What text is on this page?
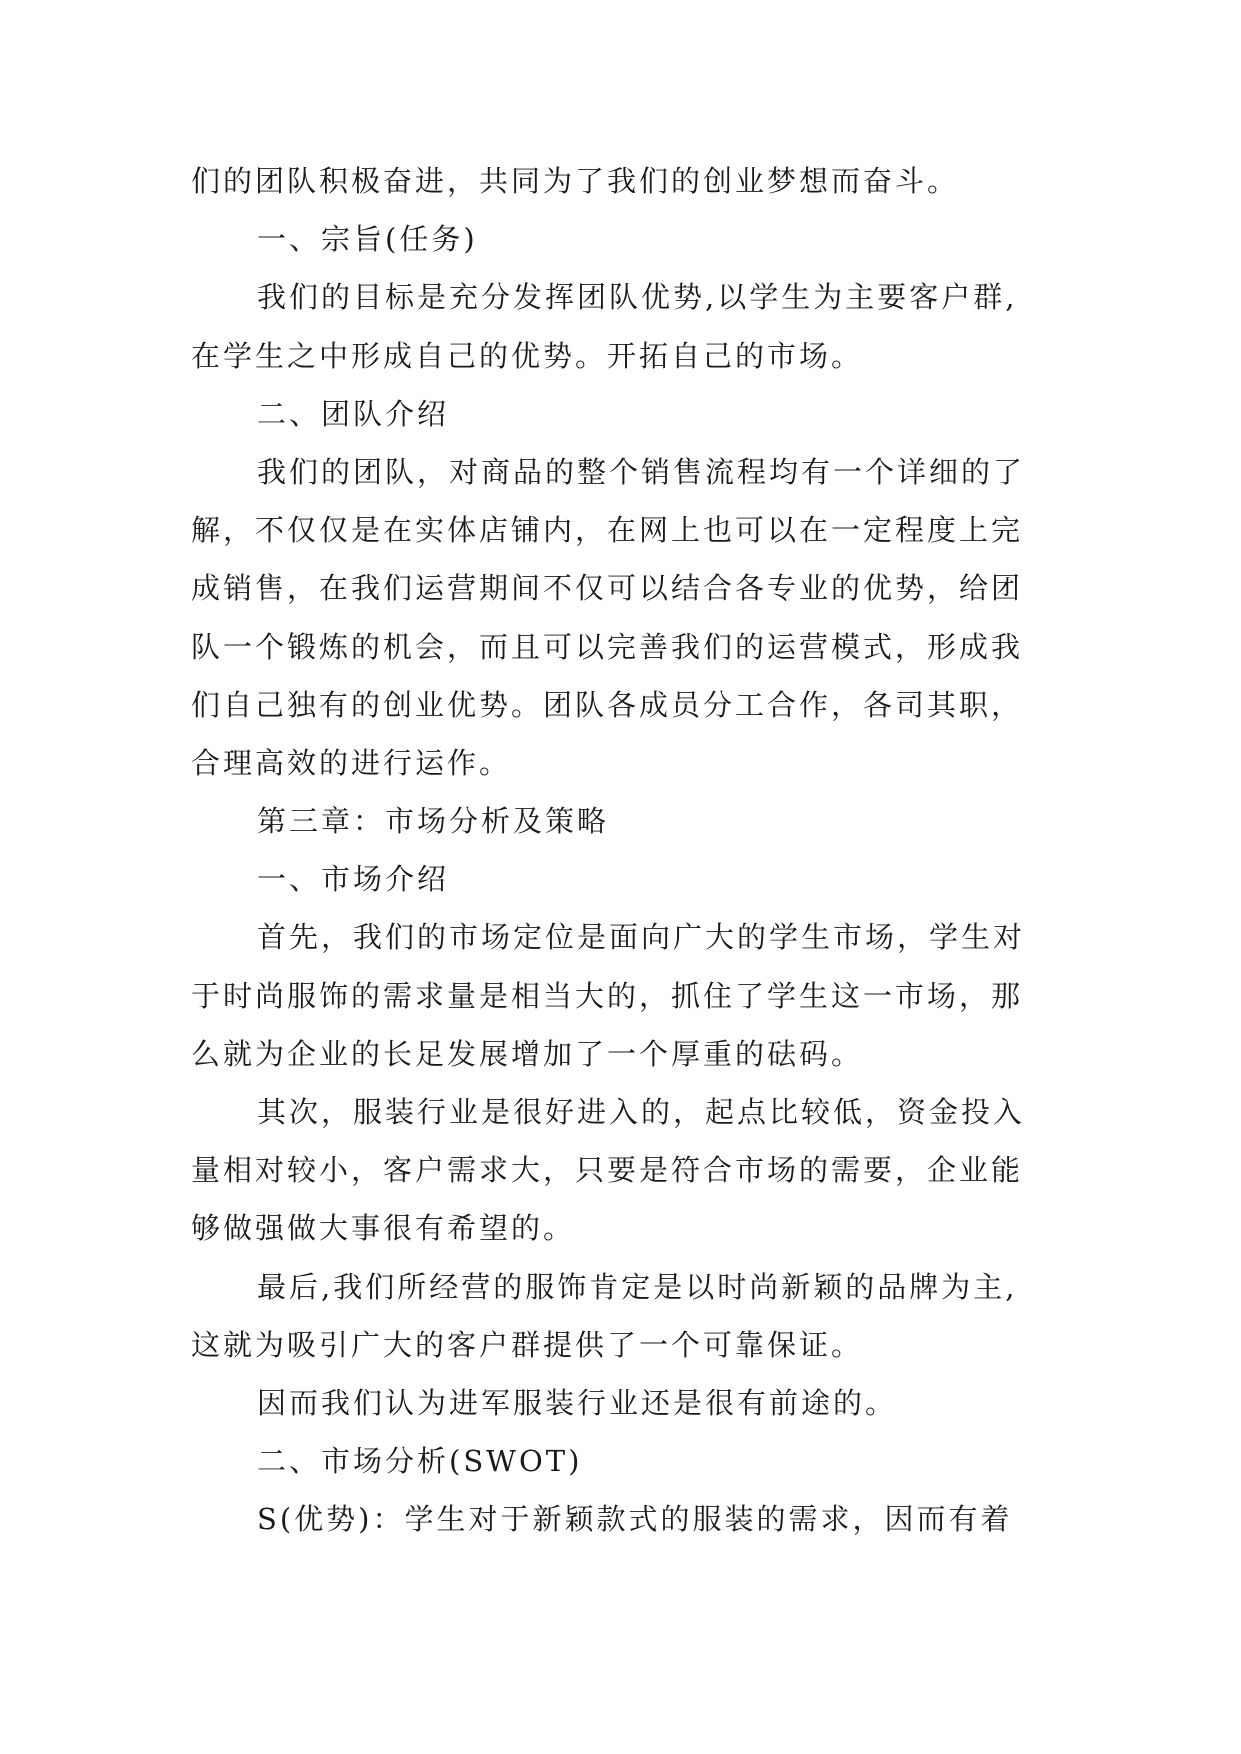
们的团队积极奋进，共同为了我们的创业梦想而奋斗。
一、宗旨(任务)
我们的目标是充分发挥团队优势,以学生为主要客户群,
在学生之中形成自己的优势。开拓自己的市场。
二、团队介绍
我们的团队，对商品的整个销售流程均有一个详细的了
解，不仅仅是在实体店铺内，在网上也可以在一定程度上完
成销售，在我们运营期间不仅可以结合各专业的优势，给团
队一个锻炼的机会，而且可以完善我们的运营模式，形成我
们自己独有的创业优势。团队各成员分工合作，各司其职，
合理高效的进行运作。
第三章：市场分析及策略
一、市场介绍
首先，我们的市场定位是面向广大的学生市场，学生对
于时尚服饰的需求量是相当大的，抓住了学生这一市场，那
么就为企业的长足发展增加了一个厚重的砝码。
其次，服装行业是很好进入的，起点比较低，资金投入
量相对较小，客户需求大，只要是符合市场的需要，企业能
够做强做大事很有希望的。
最后,我们所经营的服饰肯定是以时尚新颖的品牌为主,
这就为吸引广大的客户群提供了一个可靠保证。
因而我们认为进军服装行业还是很有前途的。
二、市场分析(SWOT)
S(优势)：学生对于新颖款式的服装的需求，因而有着
